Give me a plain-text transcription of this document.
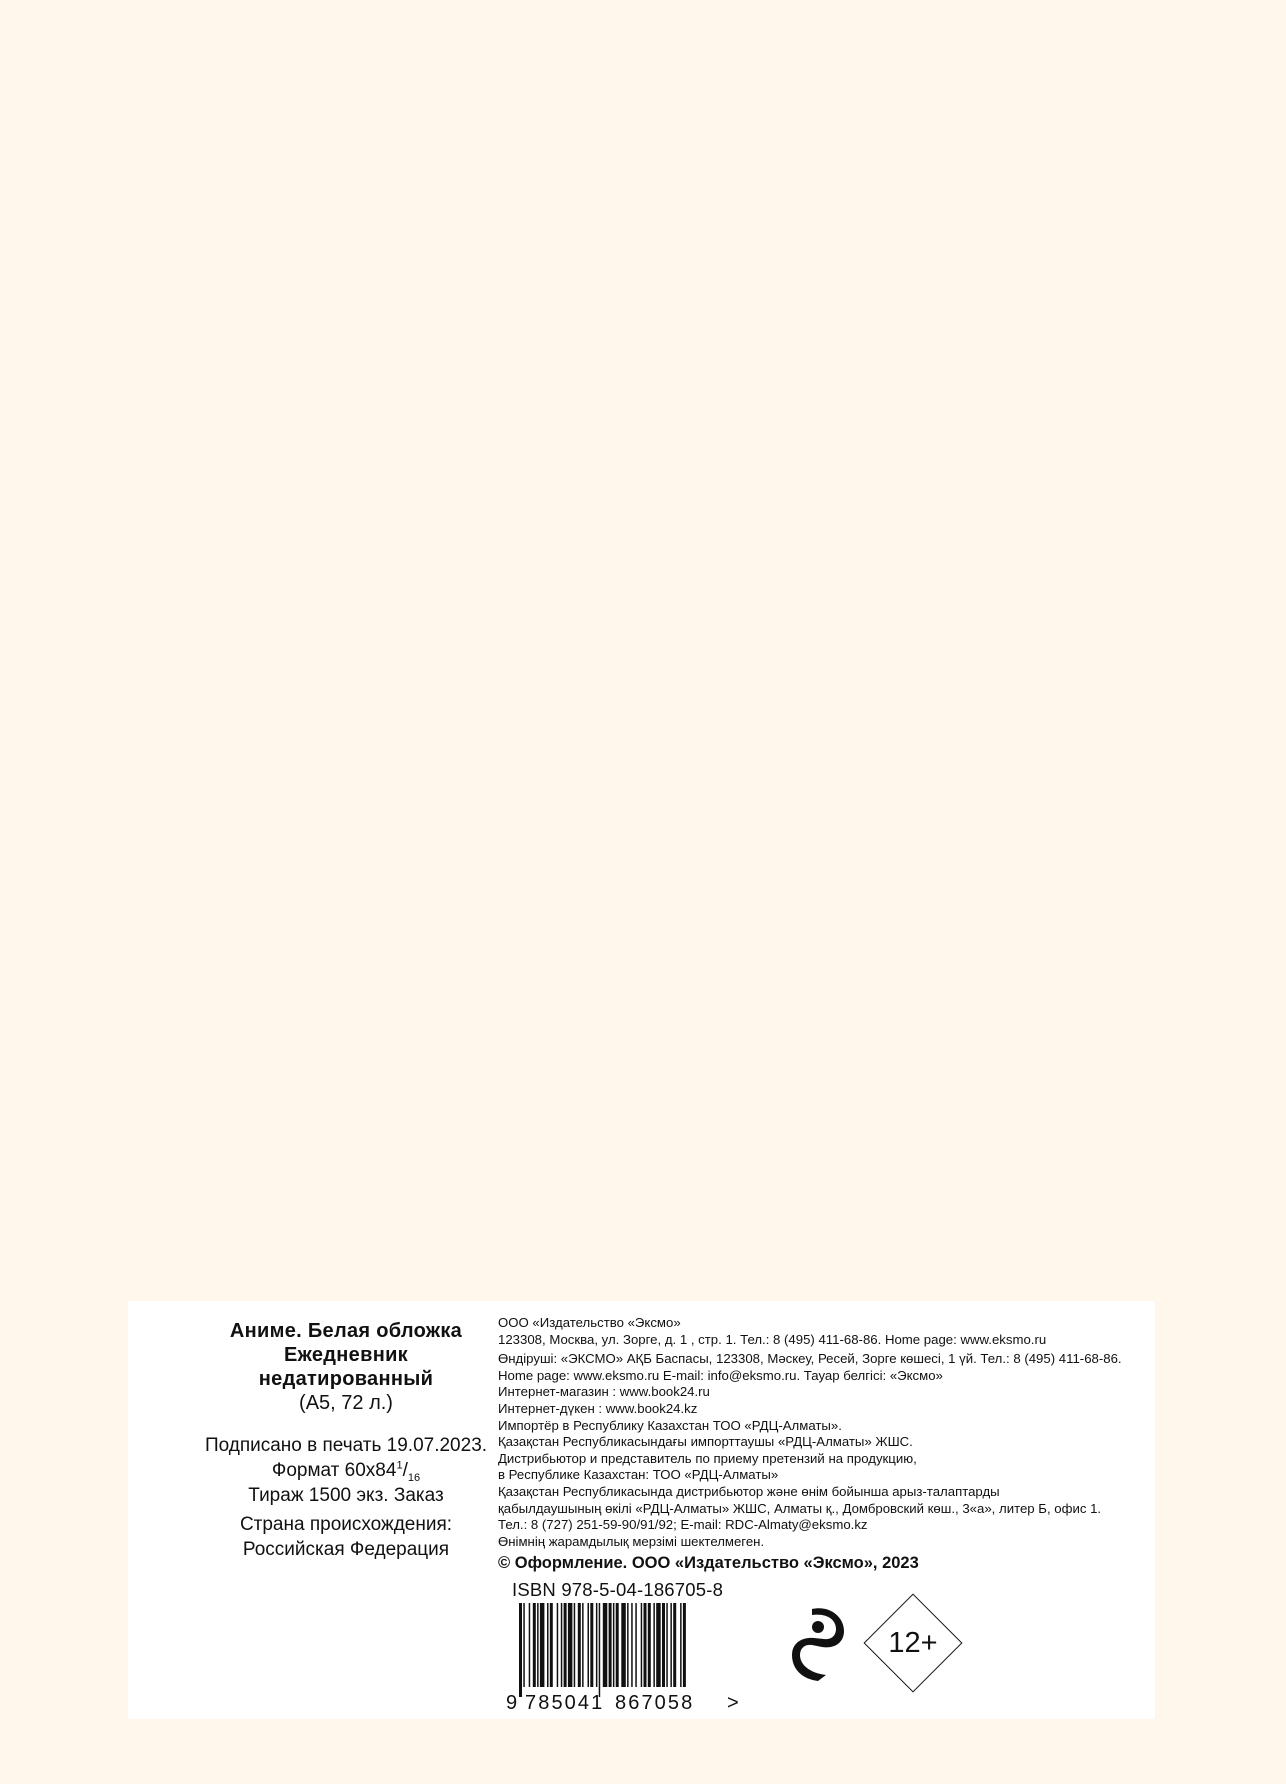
Аниме. Белая обложка
Ежедневник
недатированный
(А5, 72 л.)
Подписано в печать 19.07.2023.
Формат $60х84^1/_{16}$
Тираж 1500 экз. Заказ
Страна происхождения:
Российская Федерация
ООО «Издательство «Эксмо»
123308, Москва, ул. Зорге, д. 1 , стр. 1. Тел.: 8 (495) 411-68-86. Home page: www.eksmo.ru
Өндіруші: «ЭКСМО» АҚБ Баспасы, 123308, Мәскеу, Ресей, Зорге көшесі, 1 үй. Тел.: 8 (495) 411-68-86.
Home page: www.eksmo.ru E-mail: info@eksmo.ru. Тауар белгісі: «Эксмо»
Интернет-магазин : www.book24.ru
Интернет-дүкен : www.book24.kz
Импортёр в Республику Казахстан ТОО «РДЦ-Алматы».
Қазақстан Республикасындағы импорттаушы «РДЦ-Алматы» ЖШС.
Дистрибьютор и представитель по приему претензий на продукцию,
в Республике Казахстан: ТОО «РДЦ-Алматы»
Қазақстан Республикасында дистрибьютор және өнім бойынша арыз-талаптарды
қабылдаушының өкілі «РДЦ-Алматы» ЖШС, Алматы қ., Домбровский көш., 3«а», литер Б, офис 1.
Тел.: 8 (727) 251-59-90/91/92; E-mail: RDC-Almaty@eksmo.kz
Өнімнің жарамдылық мерзімі шектелмеген.
© Оформление. ООО «Издательство «Эксмо», 2023
ISBN 978-5-04-186705-8
9 785041 867058 >
12+
